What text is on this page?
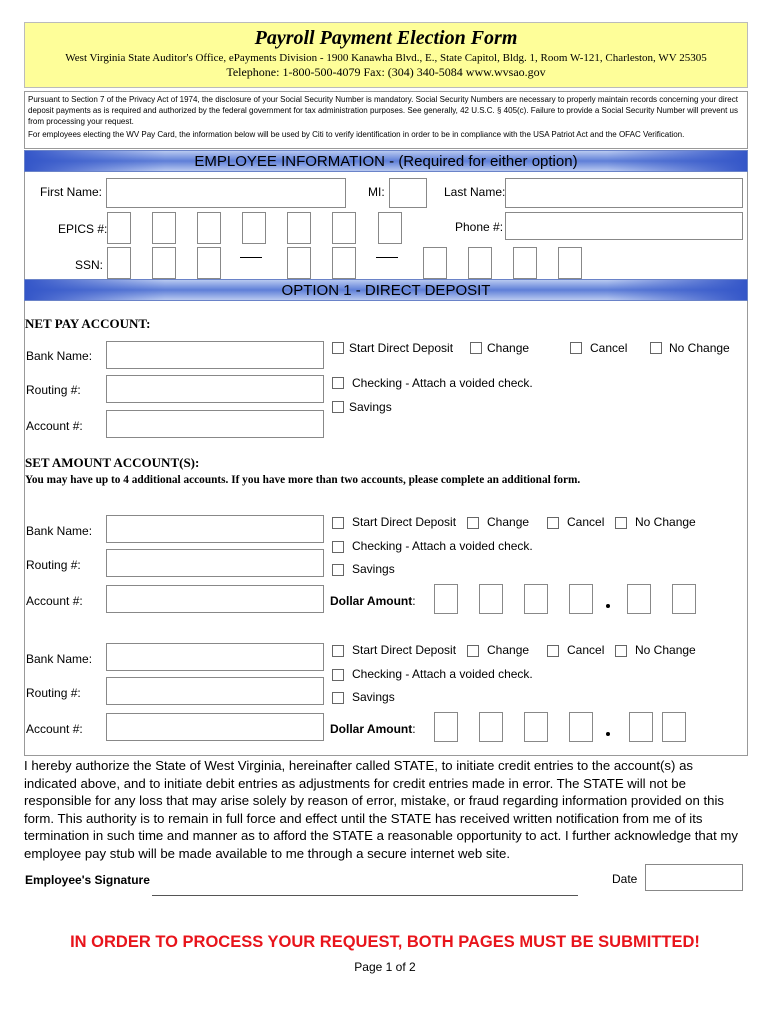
Payroll Payment Election Form
West Virginia State Auditor's Office, ePayments Division - 1900 Kanawha Blvd., E., State Capitol, Bldg. 1, Room W-121, Charleston, WV 25305
Telephone: 1-800-500-4079 Fax: (304) 340-5084 www.wvsao.gov
Pursuant to Section 7 of the Privacy Act of 1974, the disclosure of your Social Security Number is mandatory. Social Security Numbers are necessary to properly maintain records concerning your direct deposit payments as is required and authorized by the federal government for tax administration purposes. See generally, 42 U.S.C. § 405(c). Failure to provide a Social Security Number will prevent us from processing your request.
For employees electing the WV Pay Card, the information below will be used by Citi to verify identification in order to be in compliance with the USA Patriot Act and the OFAC Verification.
EMPLOYEE INFORMATION - (Required for either option)
First Name:	MI:	Last Name:
EPICS #:	Phone #:
SSN:
OPTION 1 - DIRECT DEPOSIT
NET PAY ACCOUNT:
Bank Name:
Routing #:
Account #:
Start Direct Deposit	Change	Cancel	No Change
Checking - Attach a voided check.
Savings
SET AMOUNT ACCOUNT(S):
You may have up to 4 additional accounts. If you have more than two accounts, please complete an additional form.
Bank Name:
Routing #:
Account #:
Start Direct Deposit	Change	Cancel	No Change
Checking - Attach a voided check.
Savings
Dollar Amount:
Bank Name:
Routing #:
Account #:
Start Direct Deposit	Change	Cancel	No Change
Checking - Attach a voided check.
Savings
Dollar Amount:
I hereby authorize the State of West Virginia, hereinafter called STATE, to initiate credit entries to the account(s) as indicated above, and to initiate debit entries as adjustments for credit entries made in error. The STATE will not be responsible for any loss that may arise solely by reason of error, mistake, or fraud regarding information provided on this form. This authority is to remain in full force and effect until the STATE has received written notification from me of its termination in such time and manner as to afford the STATE a reasonable opportunity to act. I further acknowledge that my employee pay stub will be made available to me through a secure internet web site.
Employee's Signature	Date
IN ORDER TO PROCESS YOUR REQUEST, BOTH PAGES MUST BE SUBMITTED!
Page 1 of 2
